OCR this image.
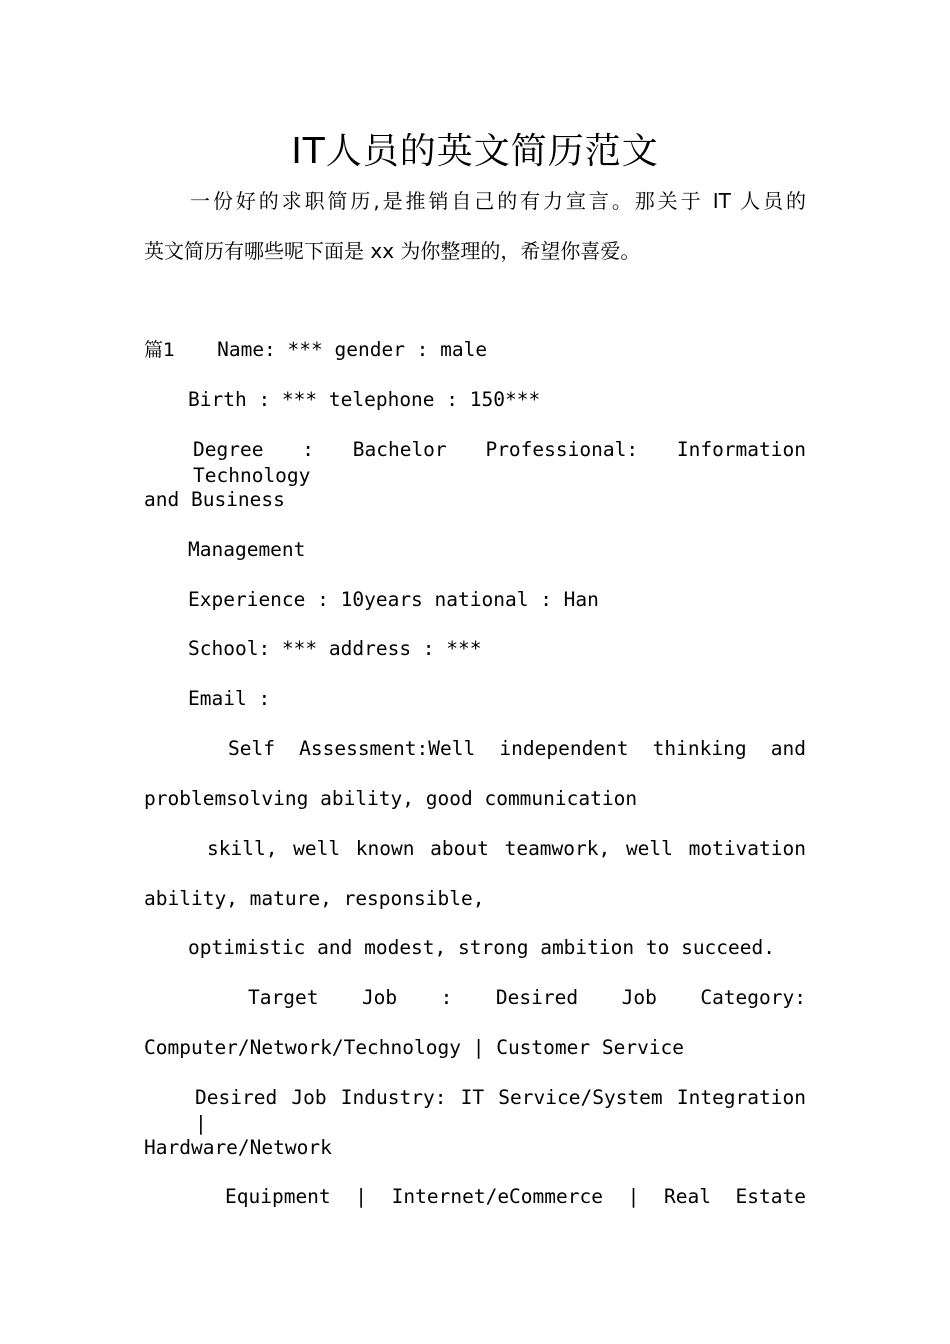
IT人员的英文简历范文
一份好的求职简历,是推销自己的有力宣言。那关于 IT 人员的
英文简历有哪些呢下面是 xx 为你整理的，希望你喜爱。
篇1 Name: *** gender : male
Birth : *** telephone : 150***
Degree : Bachelor Professional: Information Technology
and Business
Management
Experience : 10years national : Han
School: *** address : ***
Email :
Self Assessment:Well independent thinking and
problemsolving ability, good communication
skill, well known about teamwork, well motivation
ability, mature, responsible,
optimistic and modest, strong ambition to succeed.
Target Job : Desired Job Category:
Computer/Network/Technology | Customer Service
Desired Job Industry: IT Service/System Integration |
Hardware/Network
Equipment | Internet/eCommerce | Real Estate
